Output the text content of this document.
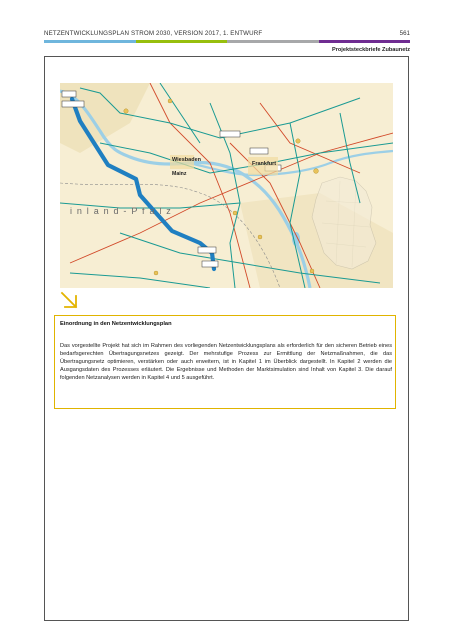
NETZENTWICKLUNGSPLAN STROM 2030, VERSION 2017, 1. ENTWURF	561
Projektsteckbriefe Zubaunetz
i n l a n d - P f a l z
Wiesbaden
Mainz
Frankfurt
Einordnung in den Netzentwicklungsplan

Das vorgestellte Projekt hat sich im Rahmen des vorliegenden Netzentwicklungsplans als erforderlich für den sicheren Betrieb eines bedarfsgerechten Übertragungsnetzes gezeigt. Der mehrstufige Prozess zur Ermittlung der Netzmaßnahmen, die das Übertragungsnetz optimieren, verstärken oder auch erweitern, ist in Kapitel 1 im Überblick dargestellt. In Kapitel 2 werden die Ausgangsdaten des Prozesses erläutert. Die Ergebnisse und Methoden der Marktsimulation sind Inhalt von Kapitel 3. Die darauf folgenden Netzanalysen werden in Kapitel 4 und 5 ausgeführt.
